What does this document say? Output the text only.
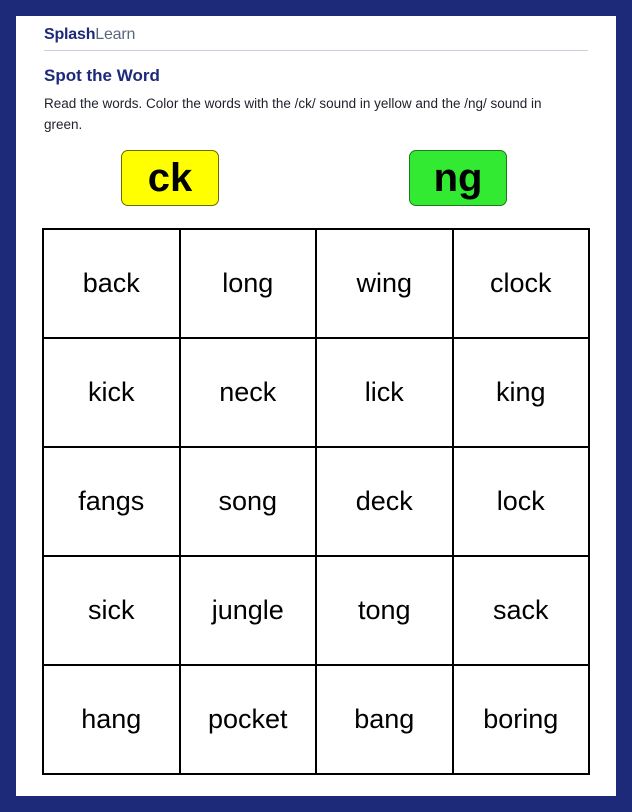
SplashLearn
Spot the Word
Read the words. Color the words with the /ck/ sound in yellow and the /ng/ sound in green.
ck	ng
back	long	wing	clock
kick	neck	lick	king
fangs	song	deck	lock
sick	jungle	tong	sack
hang	pocket	bang	boring
